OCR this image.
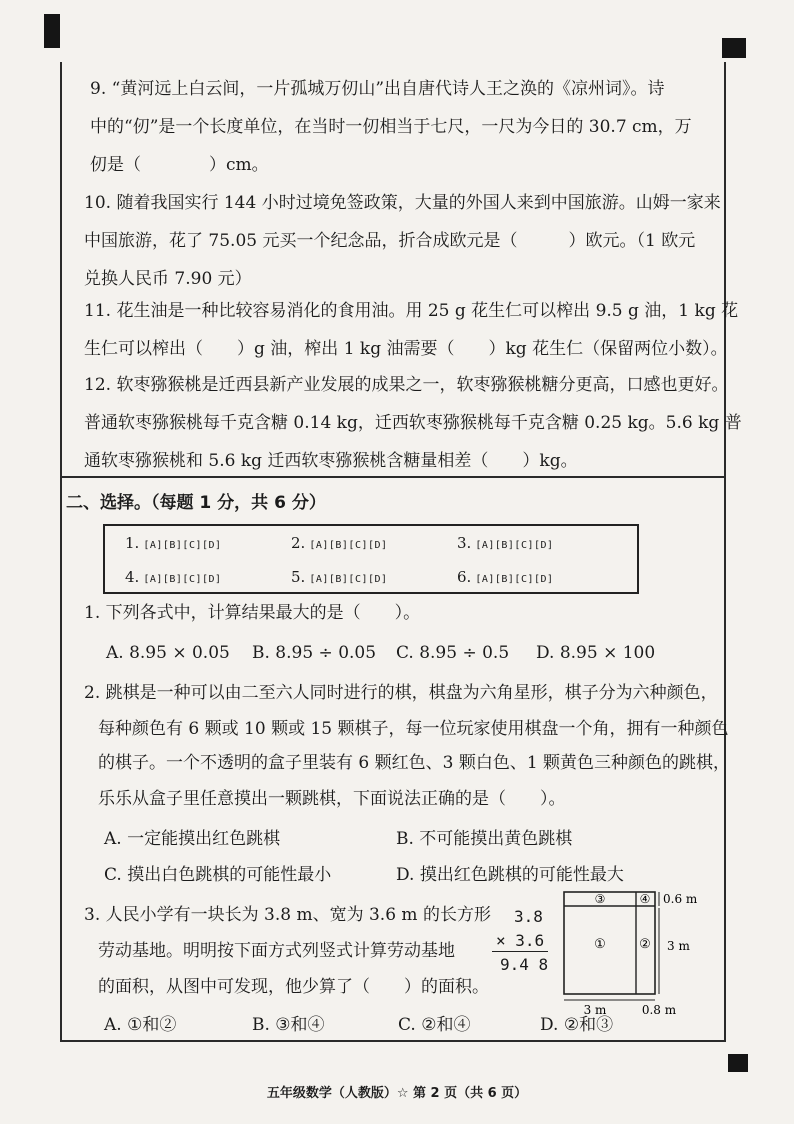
9. “黄河远上白云间，一片孤城万仞山”出自唐代诗人王之涣的《凉州词》。诗
中的“仞”是一个长度单位，在当时一仞相当于七尺，一尺为今日的 30.7 cm，万
仞是（　　　　）cm。
10. 随着我国实行 144 小时过境免签政策，大量的外国人来到中国旅游。山姆一家来
中国旅游，花了 75.05 元买一个纪念品，折合成欧元是（　　　）欧元。（1 欧元
兑换人民币 7.90 元）
11. 花生油是一种比较容易消化的食用油。用 25 g 花生仁可以榨出 9.5 g 油，1 kg 花
生仁可以榨出（　　）g 油，榨出 1 kg 油需要（　　）kg 花生仁（保留两位小数）。
12. 软枣猕猴桃是迁西县新产业发展的成果之一，软枣猕猴桃糖分更高，口感也更好。
普通软枣猕猴桃每千克含糖 0.14 kg，迁西软枣猕猴桃每千克含糖 0.25 kg。5.6 kg 普
通软枣猕猴桃和 5.6 kg 迁西软枣猕猴桃含糖量相差（　　）kg。
二、选择。（每题 1 分，共 6 分）
1. [A][B][C][D]	2. [A][B][C][D]	3. [A][B][C][D]
4. [A][B][C][D]	5. [A][B][C][D]	6. [A][B][C][D]
1. 下列各式中，计算结果最大的是（　　）。
A. 8.95 × 0.05 B. 8.95 ÷ 0.05 C. 8.95 ÷ 0.5 D. 8.95 × 100
2. 跳棋是一种可以由二至六人同时进行的棋，棋盘为六角星形，棋子分为六种颜色，
每种颜色有 6 颗或 10 颗或 15 颗棋子，每一位玩家使用棋盘一个角，拥有一种颜色
的棋子。一个不透明的盒子里装有 6 颗红色、3 颗白色、1 颗黄色三种颜色的跳棋，
乐乐从盒子里任意摸出一颗跳棋，下面说法正确的是（　　）。
A. 一定能摸出红色跳棋	B. 不可能摸出黄色跳棋
C. 摸出白色跳棋的可能性最小	D. 摸出红色跳棋的可能性最大
3. 人民小学有一块长为 3.8 m、宽为 3.6 m 的长方形
劳动基地。明明按下面方式列竖式计算劳动基地
的面积，从图中可发现，他少算了（　　）的面积。
3.8
× 3.6
9.4 8
①	②
③	④ 0.6 m
3 m
3 m	0.8 m
A. ①和②	B. ③和④	C. ②和④	D. ②和③
五年级数学（人教版）☆ 第 2 页（共 6 页）
